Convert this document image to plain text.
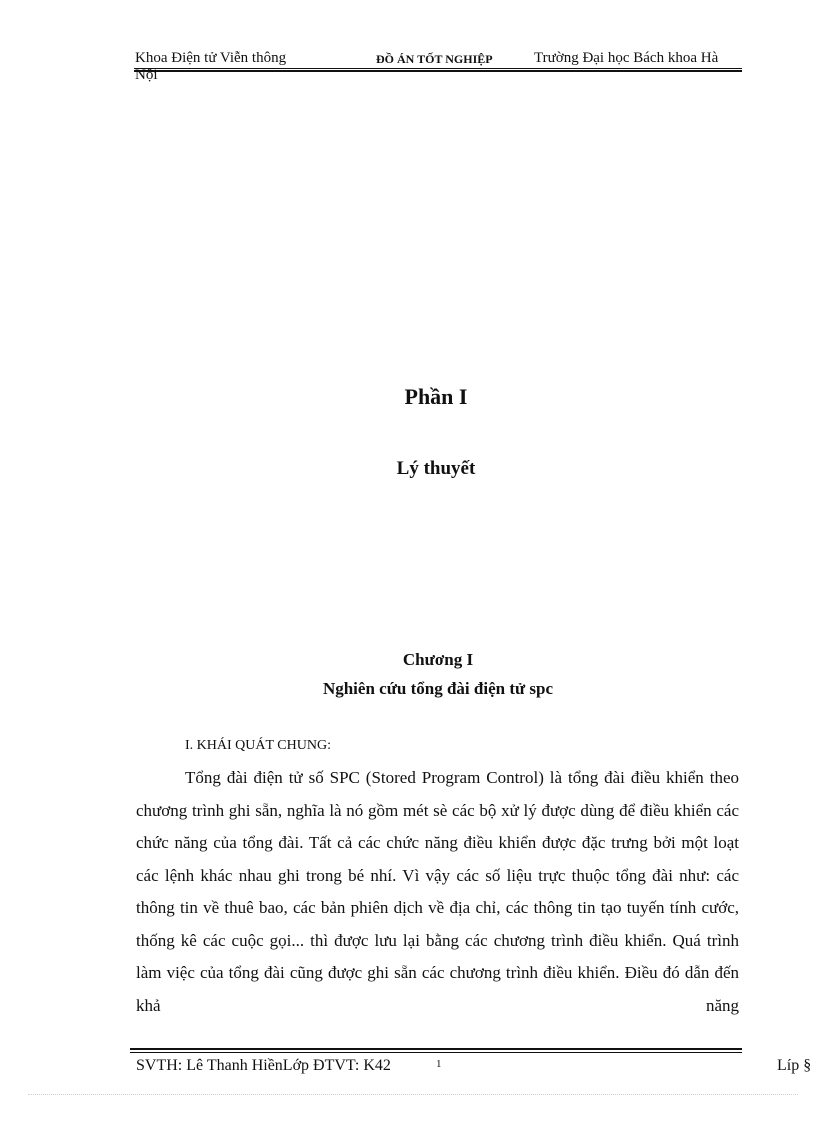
Khoa Điện tử Viễn thông	ĐỒ ÁN TỐT NGHIỆP	Trường Đại học Bách khoa Hà
Nội
Phần I
Lý thuyết
Chương I
Nghiên cứu tổng đài điện tử spc
I. KHÁI QUÁT CHUNG:

Tổng đài điện tử số SPC (Stored Program Control) là tổng đài điều khiển theo chương trình ghi sẵn, nghĩa là nó gồm mét sè các bộ xử lý được dùng để điều khiển các chức năng của tổng đài. Tất cả các chức năng điều khiển được đặc trưng bởi một loạt các lệnh khác nhau ghi trong bé nhí. Vì vậy các số liệu trực thuộc tổng đài như: các thông tin về thuê bao, các bản phiên dịch về địa chỉ, các thông tin tạo tuyến tính cước, thống kê các cuộc gọi... thì được lưu lại bằng các chương trình điều khiển. Quá trình làm việc của tổng đài cũng được ghi sẵn các chương trình điều khiển. Điều đó dẫn đến khả năng

SVTH: Lê Thanh HiềnLớp ĐTVT: K42	1	Líp §
